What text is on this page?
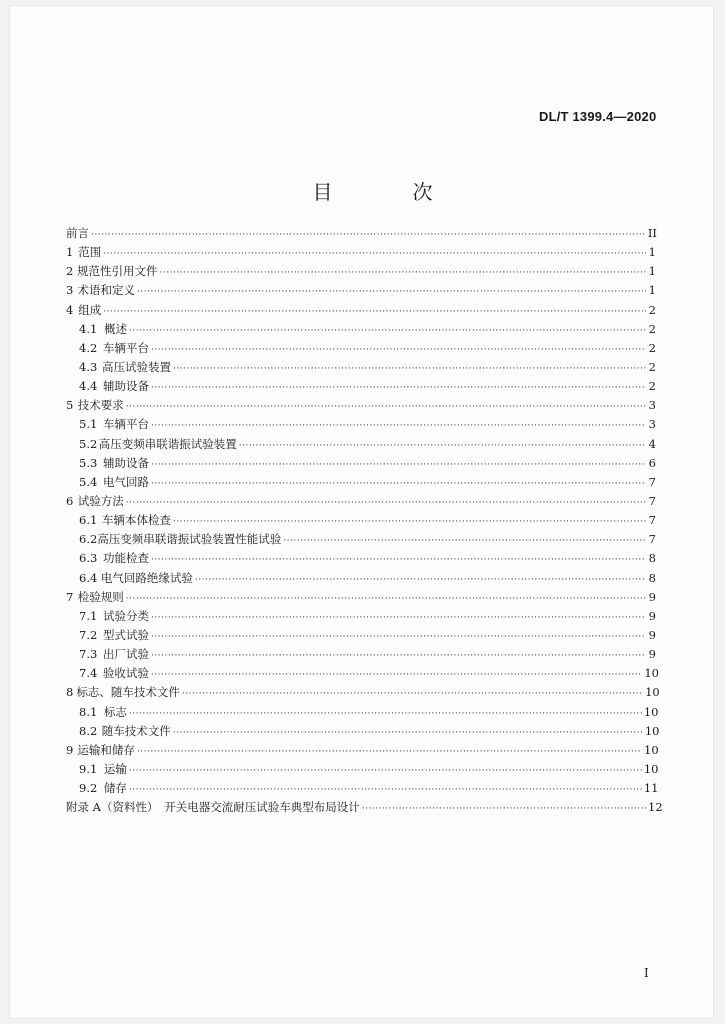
DL/T 1399.4—2020
目　次
I
前言 ·····	II
1 范围 ·····	1
2 规范性引用文件 ·····	1
3 术语和定义 ·····	1
4 组成 ·····	2
4.1 概述 ·····	2
4.2 车辆平台 ·····	2
4.3 高压试验装置 ·····	2
4.4 辅助设备 ·····	2
5 技术要求 ·····	3
5.1 车辆平台 ·····	3
5.2 高压变频串联谐振试验装置 ·····	4
5.3 辅助设备 ·····	6
5.4 电气回路 ·····	7
6 试验方法 ·····	7
6.1 车辆本体检查 ·····	7
6.2 高压变频串联谐振试验装置性能试验 ·····	7
6.3 功能检查 ·····	8
6.4 电气回路绝缘试验 ·····	8
7 检验规则 ·····	9
7.1 试验分类 ·····	9
7.2 型式试验 ·····	9
7.3 出厂试验 ·····	9
7.4 验收试验 ·····	10
8 标志、随车技术文件 ·····	10
8.1 标志 ·····	10
8.2 随车技术文件 ·····	10
9 运输和储存 ·····	10
9.1 运输 ·····	10
9.2 储存 ·····	11
附录 A（资料性）　开关电器交流耐压试验车典型布局设计 ·····	12
